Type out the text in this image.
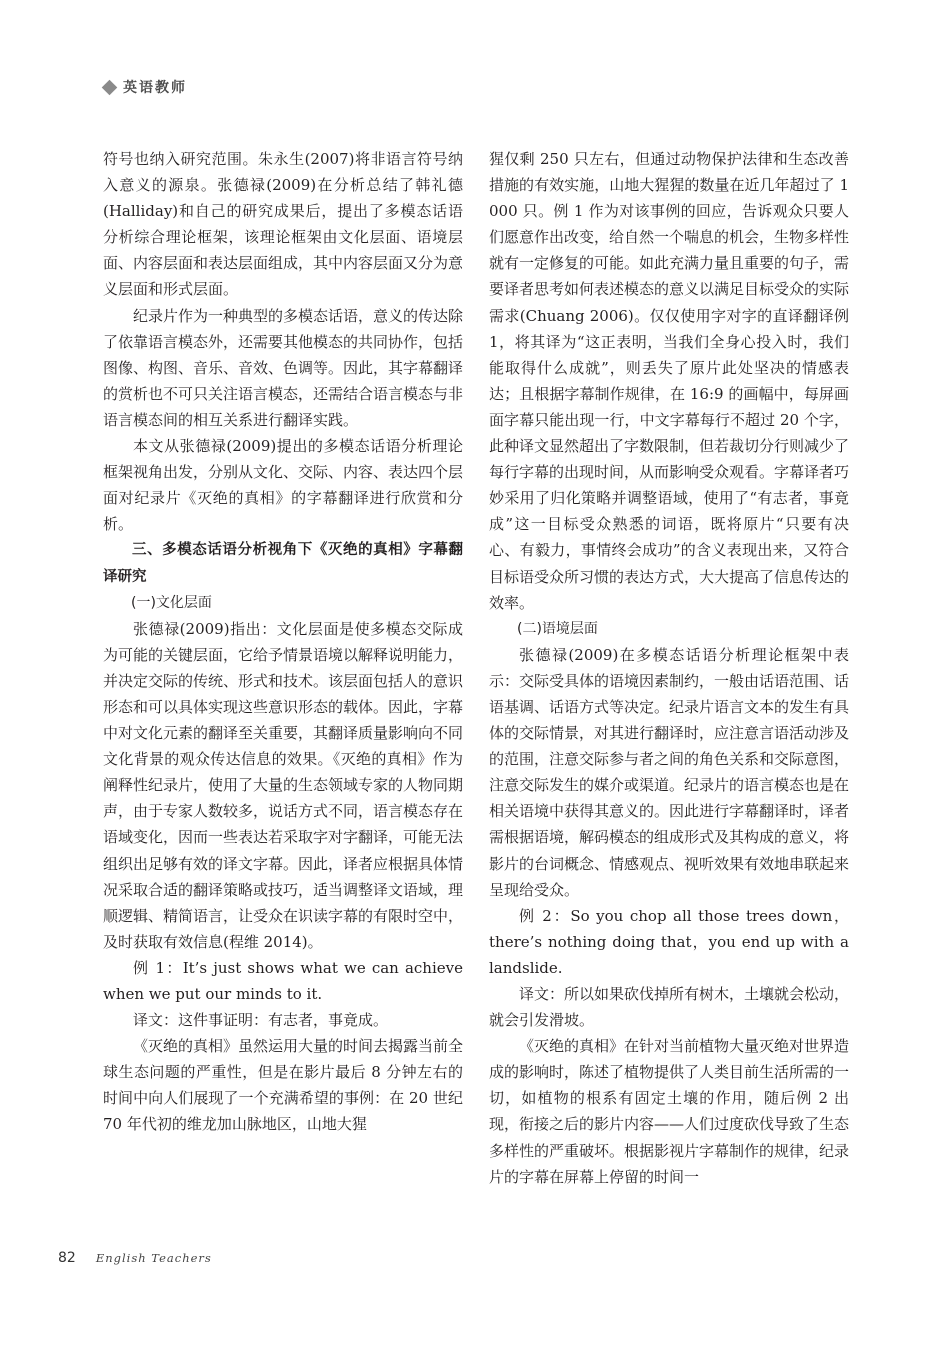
英语教师

符号也纳入研究范围。朱永生(2007)将非语言符号纳入意义的源泉。张德禄(2009)在分析总结了韩礼德(Halliday)和自己的研究成果后，提出了多模态话语分析综合理论框架，该理论框架由文化层面、语境层面、内容层面和表达层面组成，其中内容层面又分为意义层面和形式层面。

纪录片作为一种典型的多模态话语，意义的传达除了依靠语言模态外，还需要其他模态的共同协作，包括图像、构图、音乐、音效、色调等。因此，其字幕翻译的赏析也不可只关注语言模态，还需结合语言模态与非语言模态间的相互关系进行翻译实践。

本文从张德禄(2009)提出的多模态话语分析理论框架视角出发，分别从文化、交际、内容、表达四个层面对纪录片《灭绝的真相》的字幕翻译进行欣赏和分析。

三、多模态话语分析视角下《灭绝的真相》字幕翻译研究

(一)文化层面

张德禄(2009)指出：文化层面是使多模态交际成为可能的关键层面，它给予情景语境以解释说明能力，并决定交际的传统、形式和技术。该层面包括人的意识形态和可以具体实现这些意识形态的载体。因此，字幕中对文化元素的翻译至关重要，其翻译质量影响向不同文化背景的观众传达信息的效果。《灭绝的真相》作为阐释性纪录片，使用了大量的生态领域专家的人物同期声，由于专家人数较多，说话方式不同，语言模态存在语域变化，因而一些表达若采取字对字翻译，可能无法组织出足够有效的译文字幕。因此，译者应根据具体情况采取合适的翻译策略或技巧，适当调整译文语域，理顺逻辑、精简语言，让受众在识读字幕的有限时空中，及时获取有效信息(程维 2014)。

例 1：It’s just shows what we can achieve when we put our minds to it.

译文：这件事证明：有志者，事竟成。

《灭绝的真相》虽然运用大量的时间去揭露当前全球生态问题的严重性，但是在影片最后 8 分钟左右的时间中向人们展现了一个充满希望的事例：在 20 世纪 70 年代初的维龙加山脉地区，山地大猩

猩仅剩 250 只左右，但通过动物保护法律和生态改善措施的有效实施，山地大猩猩的数量在近几年超过了 1 000 只。例 1 作为对该事例的回应，告诉观众只要人们愿意作出改变，给自然一个喘息的机会，生物多样性就有一定修复的可能。如此充满力量且重要的句子，需要译者思考如何表述模态的意义以满足目标受众的实际需求(Chuang 2006)。仅仅使用字对字的直译翻译例 1，将其译为“这正表明，当我们全身心投入时，我们能取得什么成就”，则丢失了原片此处坚决的情感表达；且根据字幕制作规律，在 16:9 的画幅中，每屏画面字幕只能出现一行，中文字幕每行不超过 20 个字，此种译文显然超出了字数限制，但若裁切分行则减少了每行字幕的出现时间，从而影响受众观看。字幕译者巧妙采用了归化策略并调整语域，使用了“有志者，事竟成”这一目标受众熟悉的词语，既将原片“只要有决心、有毅力，事情终会成功”的含义表现出来，又符合目标语受众所习惯的表达方式，大大提高了信息传达的效率。

(二)语境层面

张德禄(2009)在多模态话语分析理论框架中表示：交际受具体的语境因素制约，一般由话语范围、话语基调、话语方式等决定。纪录片语言文本的发生有具体的交际情景，对其进行翻译时，应注意言语活动涉及的范围，注意交际参与者之间的角色关系和交际意图，注意交际发生的媒介或渠道。纪录片的语言模态也是在相关语境中获得其意义的。因此进行字幕翻译时，译者需根据语境，解码模态的组成形式及其构成的意义，将影片的台词概念、情感观点、视听效果有效地串联起来呈现给受众。

例 2：So you chop all those trees down，there’s nothing doing that，you end up with a landslide.

译文：所以如果砍伐掉所有树木，土壤就会松动，就会引发滑坡。

《灭绝的真相》在针对当前植物大量灭绝对世界造成的影响时，陈述了植物提供了人类目前生活所需的一切，如植物的根系有固定土壤的作用，随后例 2 出现，衔接之后的影片内容——人们过度砍伐导致了生态多样性的严重破坏。根据影视片字幕制作的规律，纪录片的字幕在屏幕上停留的时间一

82 English Teachers
